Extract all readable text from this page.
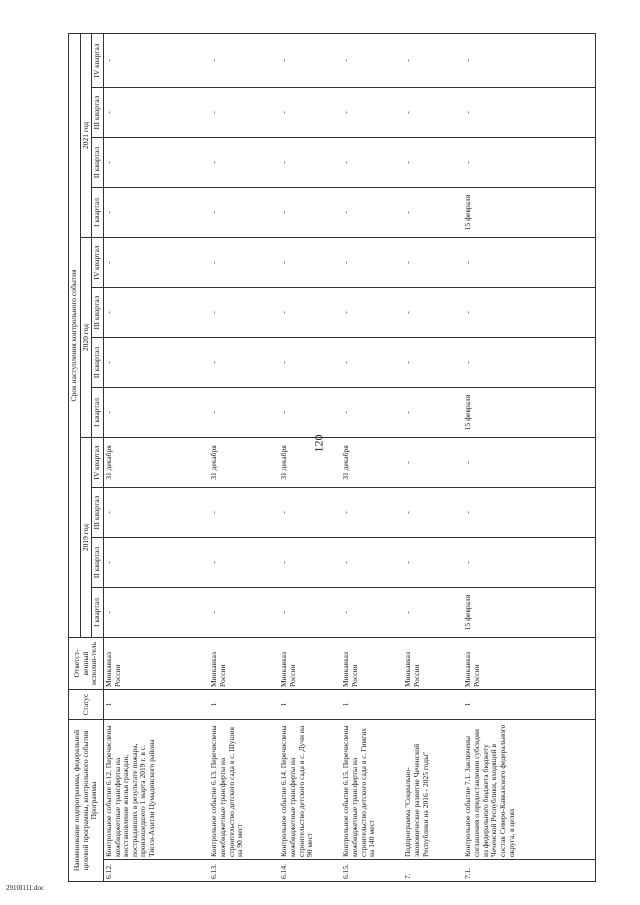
120
Наименование подпрограммы, федеральной целевой программы, контрольного события Программы		Статус	Ответст-венный исполни-тель	Срок наступления контрольного события											
				2019 год				2020 год				2021 год			
				I квартал	II квартал	III квартал	IV квартал	I квартал	II квартал	III квартал	IV квартал	I квартал	II квартал	III квартал	IV квартал
6.12.	Контрольное событие 6.12. Перечислены межбюджетные трансферты на восстановление жилья граждан, пострадавших в результате пожара, произошедшего 1 марта 2019 г. в с. Тисси-Ахитли Цумадинского района	1	Минкавказ России	-	-	-	31 декабря	-	-	-	-	-	-	-	-
6.13.	Контрольное событие 6.13. Перечислены межбюджетные трансферты на строительство детского сада в с. Шушия на 90 мест	1	Минкавказ России	-	-	-	31 декабря	-	-	-	-	-	-	-	-
6.14.	Контрольное событие 6.14. Перечислены межбюджетные трансферты на строительство детского сада в с. Дучи на 90 мест	1	Минкавказ России	-	-	-	31 декабря	-	-	-	-	-	-	-	-
6.15.	Контрольное событие 6.15. Перечислены межбюджетные трансферты на строительство детского сада в с. Гимгих на 140 мест	1	Минкавказ России	-	-	-	31 декабря	-	-	-	-	-	-	-	-
7.	Подпрограмма "Социально-экономическое развитие Чеченской Республики на 2016 - 2025 годы"		Минкавказ России	-	-	-	-	-	-	-	-	-	-	-	-
7.1.	Контрольное событие 7.1. Заключены соглашения о предоставлении субсидии из федерального бюджета бюджету Чеченской Республики, входящей в состав Северо-Кавказского федерального округа, в целях	1	Минкавказ России	15 февраля	-	-	-	15 февраля	-	-	-	15 февраля	-	-	-
2910I111.doc
